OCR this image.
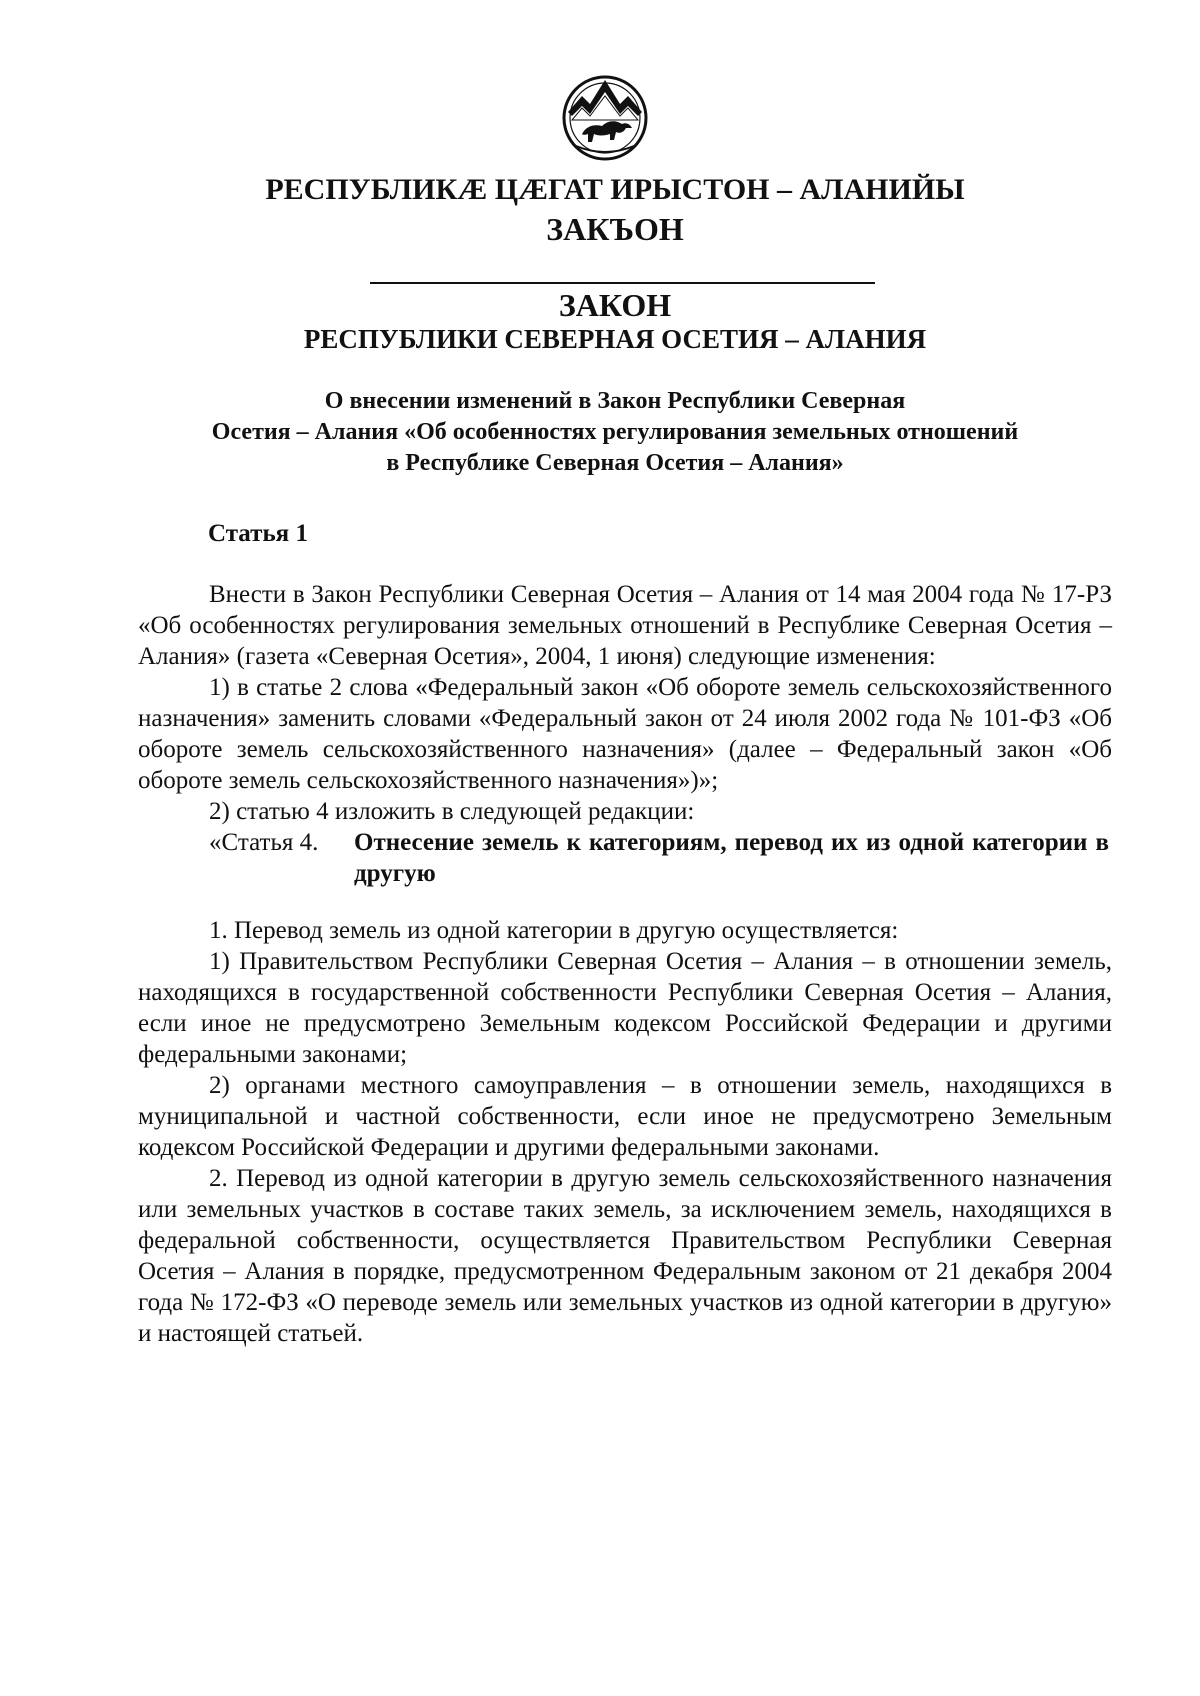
РЕСПУБЛИКÆ ЦÆГАТ ИРЫСТОН – АЛАНИЙЫ
ЗАКЪОН
ЗАКОН
РЕСПУБЛИКИ СЕВЕРНАЯ ОСЕТИЯ – АЛАНИЯ
О внесении изменений в Закон Республики Северная
Осетия – Алания «Об особенностях регулирования земельных отношений
в Республике Северная Осетия – Алания»
Статья 1

Внести в Закон Республики Северная Осетия – Алания от 14 мая 2004 года № 17-РЗ «Об особенностях регулирования земельных отношений в Республике Северная Осетия – Алания» (газета «Северная Осетия», 2004, 1 июня) следующие изменения:

1) в статье 2 слова «Федеральный закон «Об обороте земель сельскохозяйственного назначения» заменить словами «Федеральный закон от 24 июля 2002 года № 101-ФЗ «Об обороте земель сельскохозяйственного назначения» (далее – Федеральный закон «Об обороте земель сельскохозяйственного назначения»)»;

2) статью 4 изложить в следующей редакции:

«Статья 4. Отнесение земель к категориям, перевод их из одной категории в другую

1. Перевод земель из одной категории в другую осуществляется:

1) Правительством Республики Северная Осетия – Алания – в отношении земель, находящихся в государственной собственности Республики Северная Осетия – Алания, если иное не предусмотрено Земельным кодексом Российской Федерации и другими федеральными законами;

2) органами местного самоуправления – в отношении земель, находящихся в муниципальной и частной собственности, если иное не предусмотрено Земельным кодексом Российской Федерации и другими федеральными законами.

2. Перевод из одной категории в другую земель сельскохозяйственного назначения или земельных участков в составе таких земель, за исключением земель, находящихся в федеральной собственности, осуществляется Правительством Республики Северная Осетия – Алания в порядке, предусмотренном Федеральным законом от 21 декабря 2004 года № 172-ФЗ «О переводе земель или земельных участков из одной категории в другую» и настоящей статьей.
